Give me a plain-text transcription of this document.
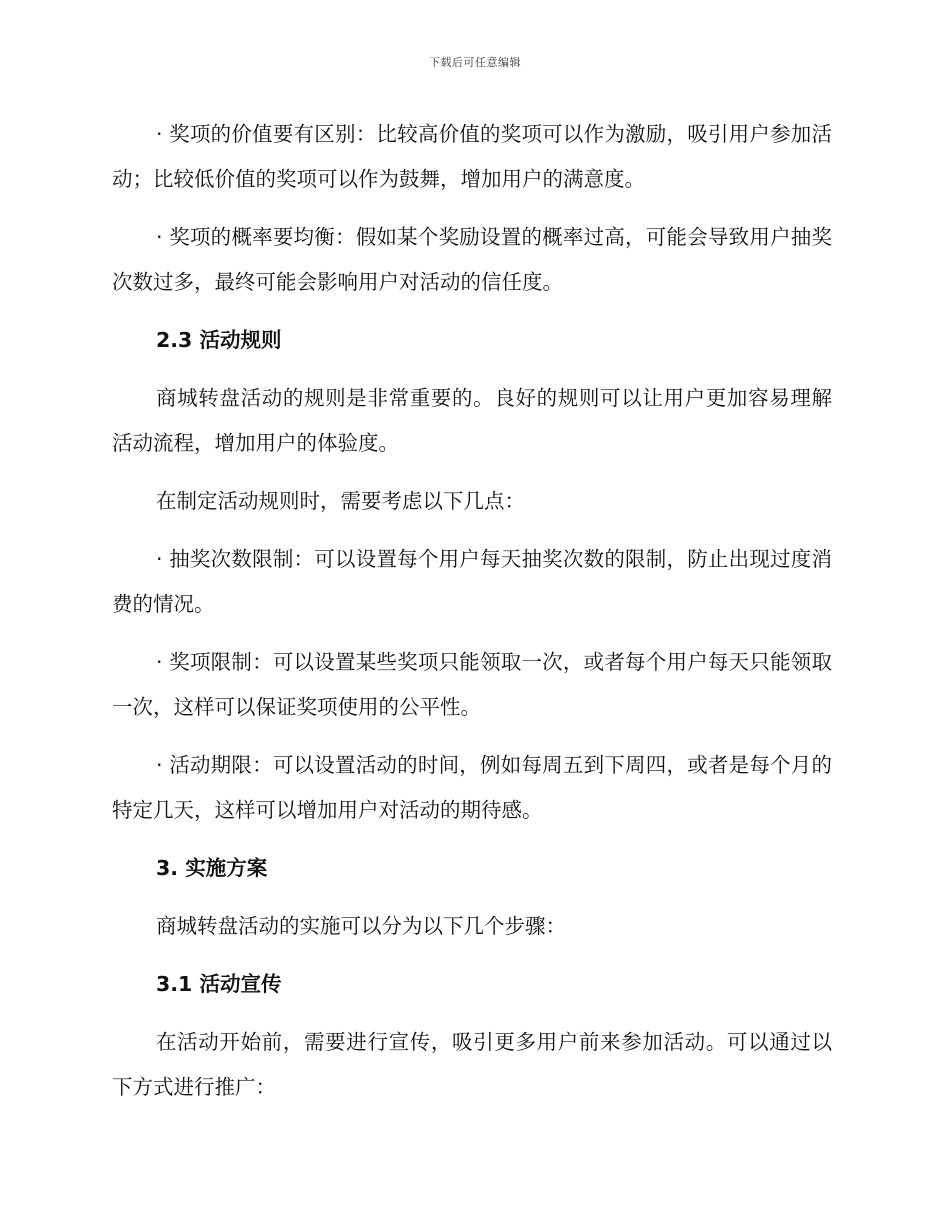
下载后可任意编辑

· 奖项的价值要有区别：比较高价值的奖项可以作为激励，吸引用户参加活动；比较低价值的奖项可以作为鼓舞，增加用户的满意度。

· 奖项的概率要均衡：假如某个奖励设置的概率过高，可能会导致用户抽奖次数过多，最终可能会影响用户对活动的信任度。

2.3 活动规则

商城转盘活动的规则是非常重要的。良好的规则可以让用户更加容易理解活动流程，增加用户的体验度。

在制定活动规则时，需要考虑以下几点：

· 抽奖次数限制：可以设置每个用户每天抽奖次数的限制，防止出现过度消费的情况。

· 奖项限制：可以设置某些奖项只能领取一次，或者每个用户每天只能领取一次，这样可以保证奖项使用的公平性。

· 活动期限：可以设置活动的时间，例如每周五到下周四，或者是每个月的特定几天，这样可以增加用户对活动的期待感。

3. 实施方案

商城转盘活动的实施可以分为以下几个步骤：

3.1 活动宣传

在活动开始前，需要进行宣传，吸引更多用户前来参加活动。可以通过以下方式进行推广：
